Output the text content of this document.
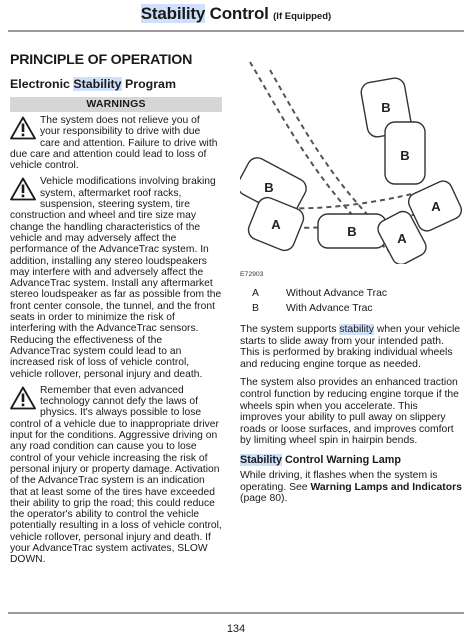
Stability Control (If Equipped)
PRINCIPLE OF OPERATION
Electronic Stability Program
WARNINGS
The system does not relieve you of your responsibility to drive with due care and attention. Failure to drive with due care and attention could lead to loss of vehicle control.
Vehicle modifications involving braking system, aftermarket roof racks, suspension, steering system, tire construction and wheel and tire size may change the handling characteristics of the vehicle and may adversely affect the performance of the AdvanceTrac system. In addition, installing any stereo loudspeakers may interfere with and adversely affect the AdvanceTrac system. Install any aftermarket stereo loudspeaker as far as possible from the front center console, the tunnel, and the front seats in order to minimize the risk of interfering with the AdvanceTrac sensors. Reducing the effectiveness of the AdvanceTrac system could lead to an increased risk of loss of vehicle control, vehicle rollover, personal injury and death.
Remember that even advanced technology cannot defy the laws of physics. It's always possible to lose control of a vehicle due to inappropriate driver input for the conditions. Aggressive driving on any road condition can cause you to lose control of your vehicle increasing the risk of personal injury or property damage. Activation of the AdvanceTrac system is an indication that at least some of the tires have exceeded their ability to grip the road; this could reduce the operator's ability to control the vehicle potentially resulting in a loss of vehicle control, vehicle rollover, personal injury and death. If your AdvanceTrac system activates, SLOW DOWN.
B
B
B
B
A
A
A
E72903
A	Without Advance Trac
B	With Advance Trac
The system supports stability when your vehicle starts to slide away from your intended path. This is performed by braking individual wheels and reducing engine torque as needed.
The system also provides an enhanced traction control function by reducing engine torque if the wheels spin when you accelerate. This improves your ability to pull away on slippery roads or loose surfaces, and improves comfort by limiting wheel spin in hairpin bends.
Stability Control Warning Lamp
While driving, it flashes when the system is operating. See Warning Lamps and Indicators (page 80).
134
